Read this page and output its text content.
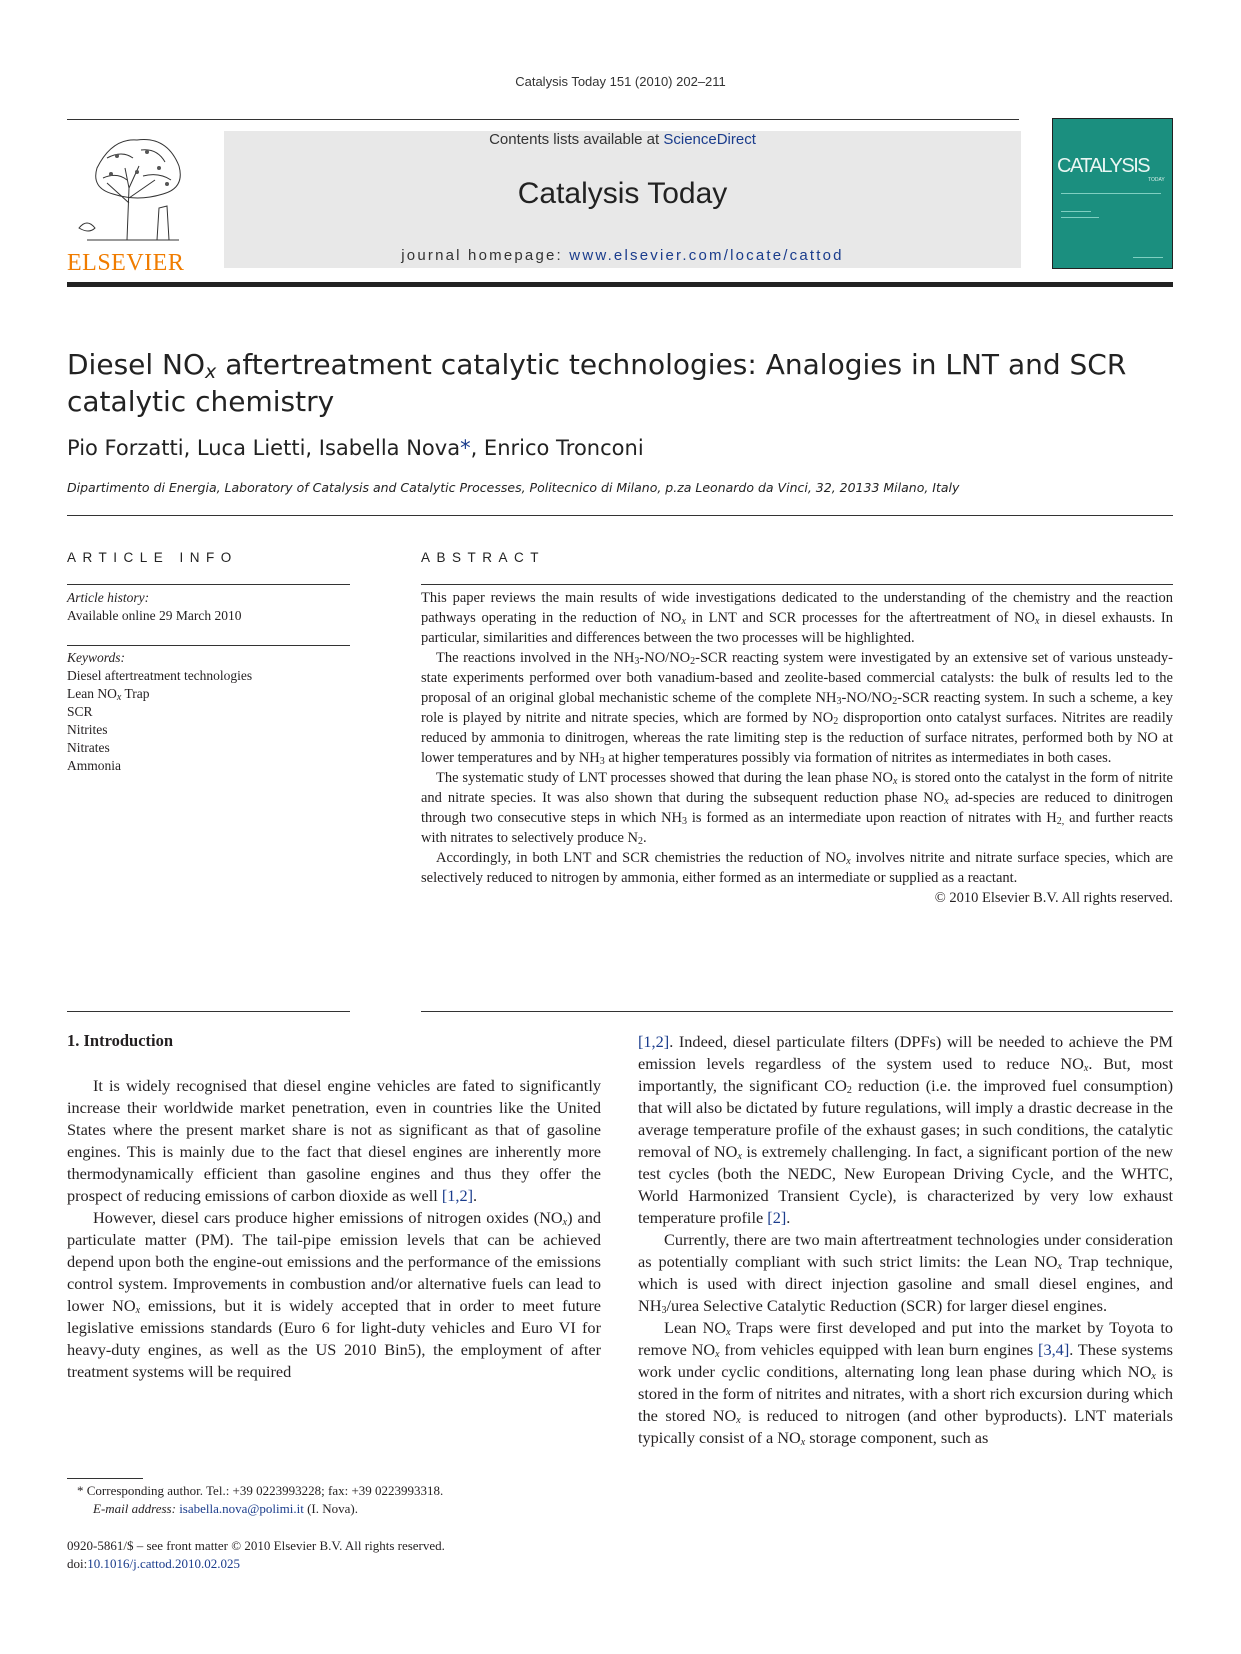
Catalysis Today 151 (2010) 202–211
ELSEVIER
Contents lists available at ScienceDirect
Catalysis Today
journal homepage: www.elsevier.com/locate/cattod
CATALYSIS
TODAY
Diesel $NO_x$ aftertreatment catalytic technologies: Analogies in LNT and SCR
catalytic chemistry
Pio Forzatti, Luca Lietti, Isabella Nova*, Enrico Tronconi
Dipartimento di Energia, Laboratory of Catalysis and Catalytic Processes, Politecnico di Milano, p.za Leonardo da Vinci, 32, 20133 Milano, Italy
ARTICLE INFO	ABSTRACT
Article history:
Available online 29 March 2010
Keywords:
Diesel aftertreatment technologies
Lean $NO_x$ Trap
SCR
Nitrites
Nitrates
Ammonia

This paper reviews the main results of wide investigations dedicated to the understanding of the chemistry and the reaction pathways operating in the reduction of $NO_x$ in LNT and SCR processes for the aftertreatment of $NO_x$ in diesel exhausts. In particular, similarities and differences between the two processes will be highlighted.

The reactions involved in the $NH_3-NO/NO_2$-SCR reacting system were investigated by an extensive set of various unsteady-state experiments performed over both vanadium-based and zeolite-based commercial catalysts: the bulk of results led to the proposal of an original global mechanistic scheme of the complete $NH_3-NO/NO_2$-SCR reacting system. In such a scheme, a key role is played by nitrite and nitrate species, which are formed by $NO_2$ disproportion onto catalyst surfaces. Nitrites are readily reduced by ammonia to dinitrogen, whereas the rate limiting step is the reduction of surface nitrates, performed both by NO at lower temperatures and by $NH_3$ at higher temperatures possibly via formation of nitrites as intermediates in both cases.

The systematic study of LNT processes showed that during the lean phase $NO_x$ is stored onto the catalyst in the form of nitrite and nitrate species. It was also shown that during the subsequent reduction phase $NO_x$ ad-species are reduced to dinitrogen through two consecutive steps in which $NH_3$ is formed as an intermediate upon reaction of nitrates with $H_{2,}$ and further reacts with nitrates to selectively produce $N_2$.

Accordingly, in both LNT and SCR chemistries the reduction of $NO_x$ involves nitrite and nitrate surface species, which are selectively reduced to nitrogen by ammonia, either formed as an intermediate or supplied as a reactant.

© 2010 Elsevier B.V. All rights reserved.
1. Introduction

It is widely recognised that diesel engine vehicles are fated to significantly increase their worldwide market penetration, even in countries like the United States where the present market share is not as significant as that of gasoline engines. This is mainly due to the fact that diesel engines are inherently more thermodynamically efficient than gasoline engines and thus they offer the prospect of reducing emissions of carbon dioxide as well [1,2].

However, diesel cars produce higher emissions of nitrogen oxides $(NO_x)$ and particulate matter (PM). The tail-pipe emission levels that can be achieved depend upon both the engine-out emissions and the performance of the emissions control system. Improvements in combustion and/or alternative fuels can lead to lower $NO_x$ emissions, but it is widely accepted that in order to meet future legislative emissions standards (Euro 6 for light-duty vehicles and Euro VI for heavy-duty engines, as well as the US 2010 Bin5), the employment of after treatment systems will be required

[1,2]. Indeed, diesel particulate filters (DPFs) will be needed to achieve the PM emission levels regardless of the system used to reduce $NO_x$. But, most importantly, the significant $CO_2$ reduction (i.e. the improved fuel consumption) that will also be dictated by future regulations, will imply a drastic decrease in the average temperature profile of the exhaust gases; in such conditions, the catalytic removal of $NO_x$ is extremely challenging. In fact, a significant portion of the new test cycles (both the NEDC, New European Driving Cycle, and the WHTC, World Harmonized Transient Cycle), is characterized by very low exhaust temperature profile [2].

Currently, there are two main aftertreatment technologies under consideration as potentially compliant with such strict limits: the Lean $NO_x$ Trap technique, which is used with direct injection gasoline and small diesel engines, and $NH_3$/urea Selective Catalytic Reduction (SCR) for larger diesel engines.

Lean $NO_x$ Traps were first developed and put into the market by Toyota to remove $NO_x$ from vehicles equipped with lean burn engines [3,4]. These systems work under cyclic conditions, alternating long lean phase during which $NO_x$ is stored in the form of nitrites and nitrates, with a short rich excursion during which the stored $NO_x$ is reduced to nitrogen (and other byproducts). LNT materials typically consist of a $NO_x$ storage component, such as

* Corresponding author. Tel.: +39 0223993228; fax: +39 0223993318.
E-mail address: isabella.nova@polimi.it (I. Nova).
0920-5861/$ – see front matter © 2010 Elsevier B.V. All rights reserved.
doi:10.1016/j.cattod.2010.02.025
